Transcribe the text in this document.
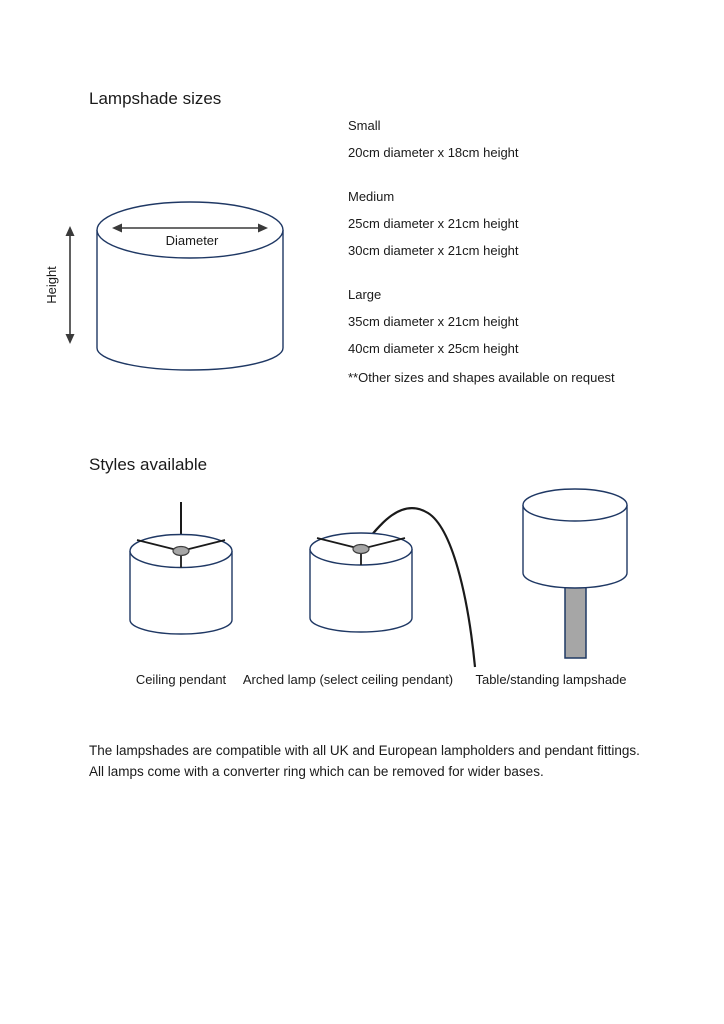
Lampshade sizes
Diameter
Height

Small

20cm diameter x 18cm height

Medium

25cm diameter x 21cm height

30cm diameter x 21cm height

Large

35cm diameter x 21cm height

40cm diameter x 25cm height

**Other sizes and shapes available on request

Styles available
Ceiling pendant	Arched lamp (select ceiling pendant)	Table/standing lampshade
The lampshades are compatible with all UK and European lampholders and pendant fittings.
All lamps come with a converter ring which can be removed for wider bases.
